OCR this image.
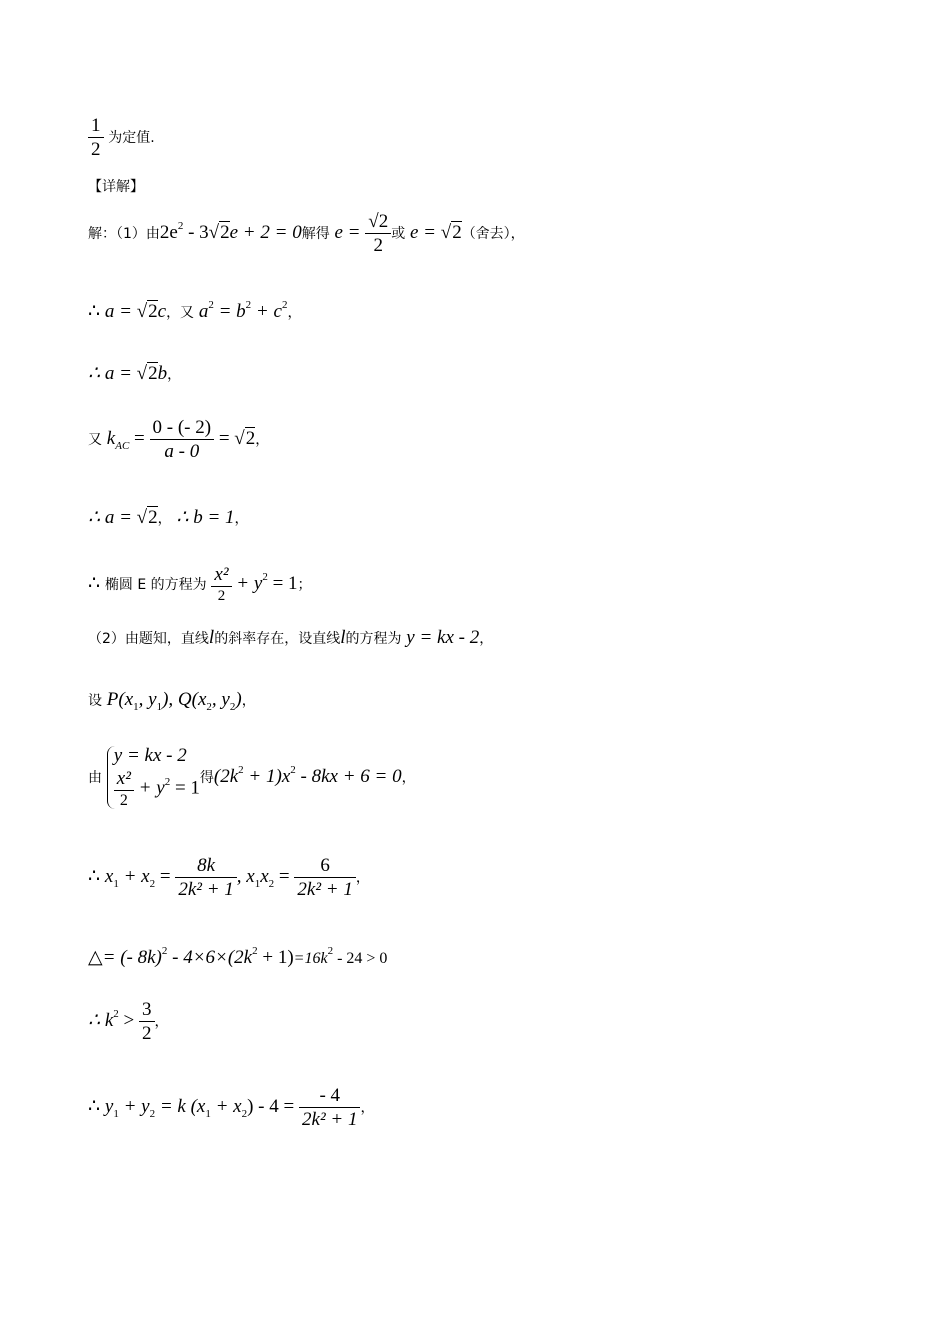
$\frac{1}{2}$ 为定值.
【详解】
解：（1）由$2e^2 - 3√2e + 2 = 0$解得 $e = \frac{√2}{2}$ 或 e = √2（舍去），
∴ a = √2c，又 $a^2 = b^2 + c^2$，
∴ a = √2b，
又 $k_{AC} = \frac{0 - (- 2)}{a - 0} = √2$，
∴ a = √2， ∴ b = 1，
∴ 椭圆 E 的方程为 $\frac{\text{x²}}{2} + y^2 = 1$；
（2）由题知，直线l的斜率存在，设直线l的方程为 y = kx - 2，
设 $P(x_1$, $y_1$), $Q(x_2$, $y_2$)，
由
y = kx - 2
$\frac{\text{x²}}{2} + y^2 = 1$ 得$(2k^2 + 1)x^2 - 8kx + 6 = 0$，
∴ $x_1 + x_2 = \frac{8k}{\text{2k² + 1}}$ , $x_1x_2 = \frac{6}{\text{2k² + 1}}$ ，
△= (- $8k)^2 - 4\times 6\times(2k^2 + 1)=16k^2 - 24 > 0$
∴ $k^2 > \frac{3}{2}$ ，
∴ $y_1 + y_2 = k$ $(x_1 + x_2) - 4 = \frac{- 4}{\text{2k² + 1}}$ ，
